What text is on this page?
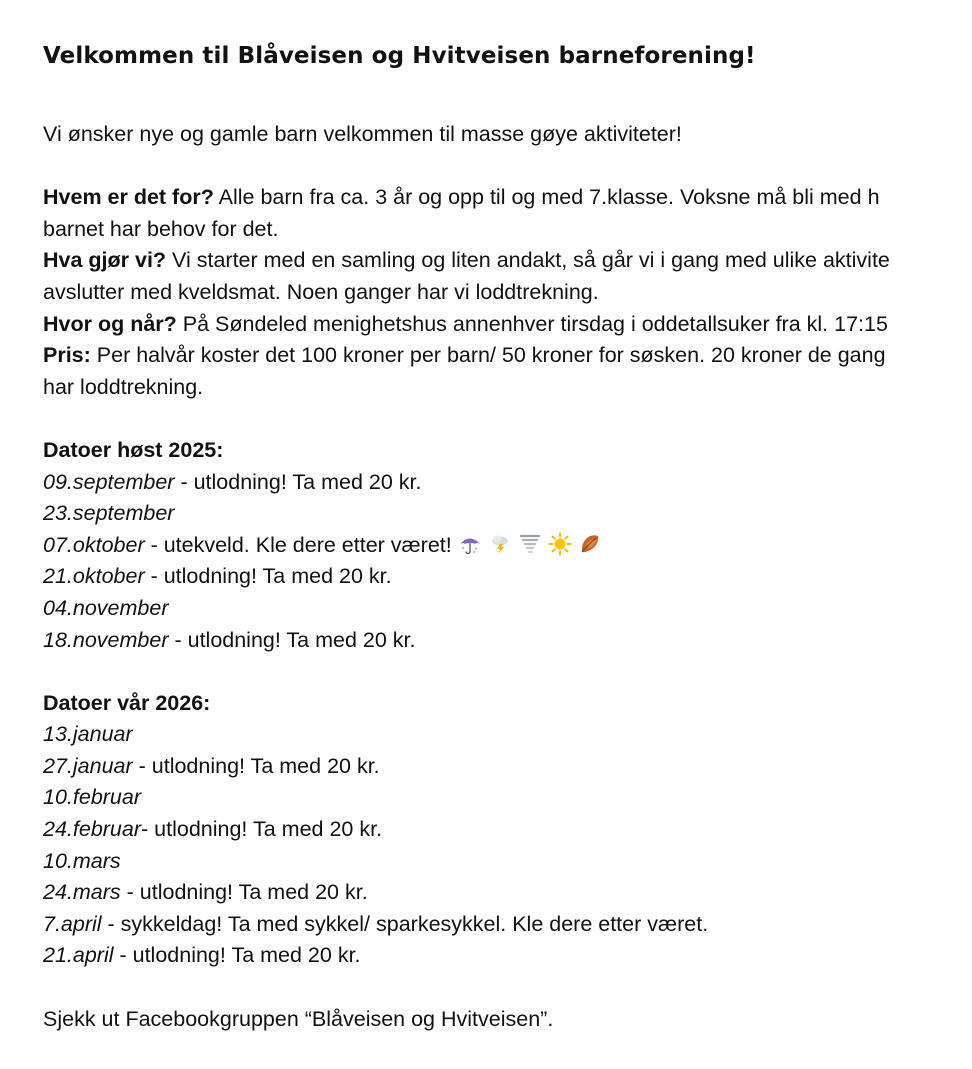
Velkommen til Blåveisen og Hvitveisen barneforening!
Vi ønsker nye og gamle barn velkommen til masse gøye aktiviteter!
Hvem er det for? Alle barn fra ca. 3 år og opp til og med 7.klasse. Voksne må bli med h
barnet har behov for det.
Hva gjør vi? Vi starter med en samling og liten andakt, så går vi i gang med ulike aktivite
avslutter med kveldsmat. Noen ganger har vi loddtrekning.
Hvor og når? På Søndeled menighetshus annenhver tirsdag i oddetallsuker fra kl. 17:15
Pris: Per halvår koster det 100 kroner per barn/ 50 kroner for søsken. 20 kroner de gang
har loddtrekning.
Datoer høst 2025:
09.september - utlodning! Ta med 20 kr.
23.september
07.oktober - utekveld. Kle dere etter været!
21.oktober - utlodning! Ta med 20 kr.
04.november
18.november - utlodning! Ta med 20 kr.
Datoer vår 2026:
13.januar
27.januar - utlodning! Ta med 20 kr.
10.februar
24.februar- utlodning! Ta med 20 kr.
10.mars
24.mars - utlodning! Ta med 20 kr.
7.april - sykkeldag! Ta med sykkel/ sparkesykkel. Kle dere etter været.
21.april - utlodning! Ta med 20 kr.
Sjekk ut Facebookgruppen “Blåveisen og Hvitveisen”.
